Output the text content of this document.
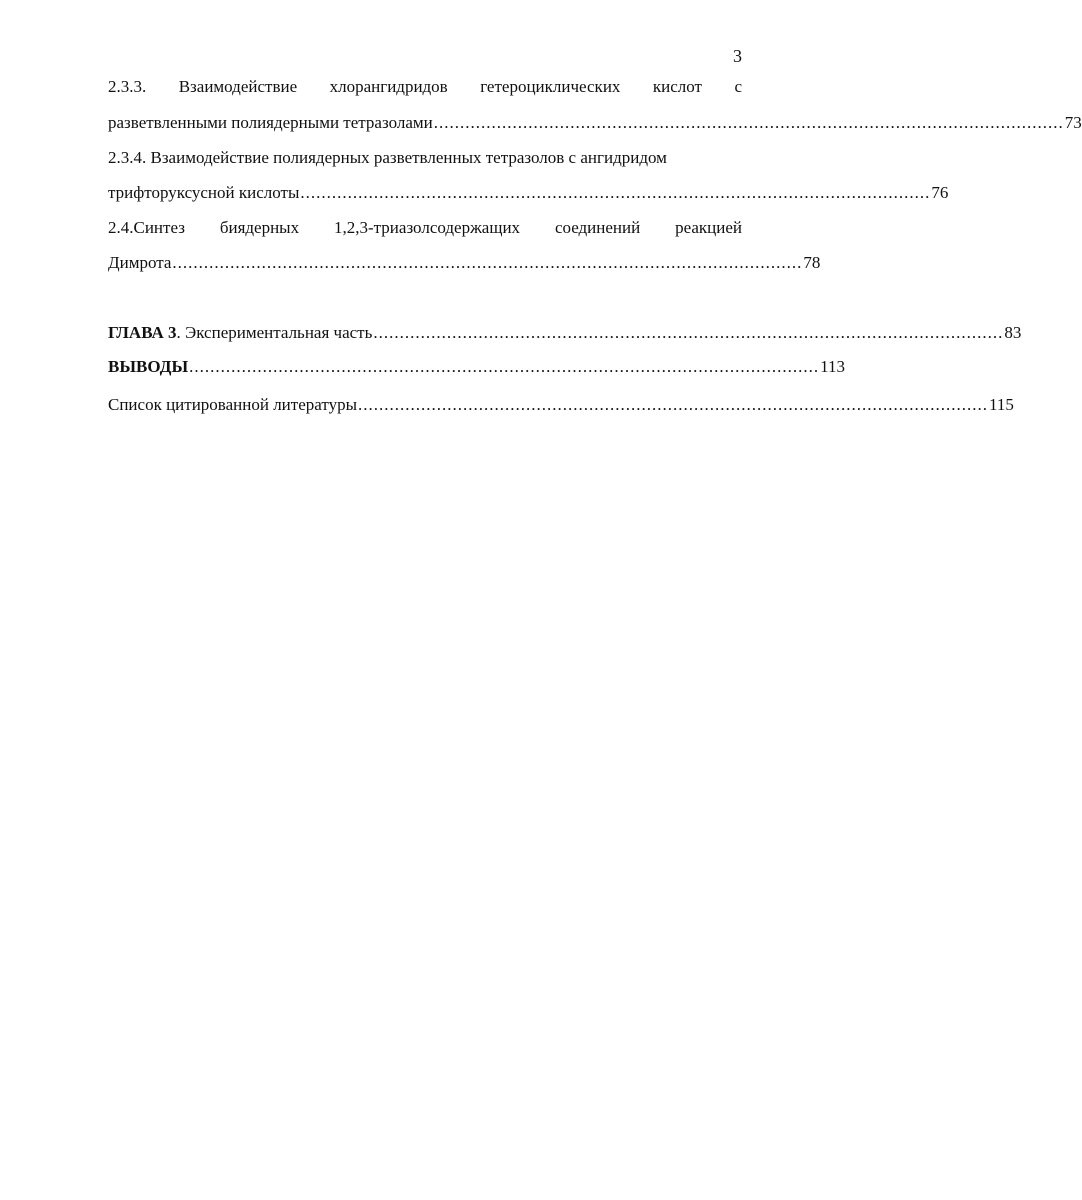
3
2.3.3. Взаимодействие хлорангидридов гетероциклических кислот с
разветвленными полиядерными тетразолами ........................................................................................................................ 73
2.3.4. Взаимодействие полиядерных разветвленных тетразолов с ангидридом
трифторуксусной кислоты ........................................................................................................................ 76
2.4.Синтез биядерных 1,2,3-триазолсодержащих соединений реакцией
Димрота ........................................................................................................................ 78
ГЛАВА 3. Экспериментальная часть ........................................................................................................................ 83
ВЫВОДЫ ........................................................................................................................ 113
Список цитированной литературы ........................................................................................................................ 115
